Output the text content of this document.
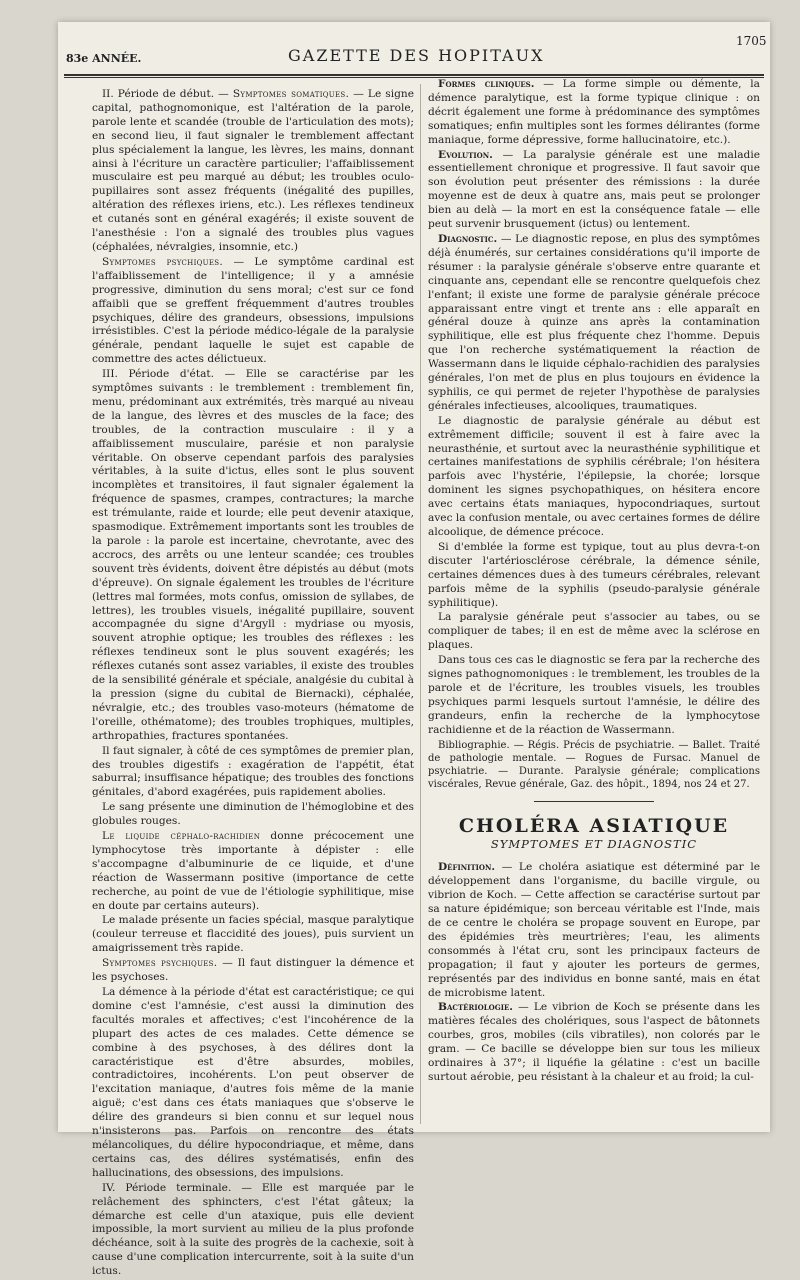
83e ANNÉE.	GAZETTE DES HOPITAUX
1705

II. Période de début. — Symptomes somatiques. — Le signe capital, pathognomonique, est l'altération de la parole, parole lente et scandée (trouble de l'articulation des mots); en second lieu, il faut signaler le tremblement affectant plus spécialement la langue, les lèvres, les mains, donnant ainsi à l'écriture un caractère particulier; l'affaiblissement musculaire est peu marqué au début; les troubles oculo-pupillaires sont assez fréquents (inégalité des pupilles, altération des réflexes iriens, etc.). Les réflexes tendineux et cutanés sont en général exagérés; il existe souvent de l'anesthésie : l'on a signalé des troubles plus vagues (céphalées, névralgies, insomnie, etc.)

Symptomes psychiques. — Le symptôme cardinal est l'affaiblissement de l'intelligence; il y a amnésie progressive, diminution du sens moral; c'est sur ce fond affaibli que se greffent fréquemment d'autres troubles psychiques, délire des grandeurs, obsessions, impulsions irrésistibles. C'est la période médico-légale de la paralysie générale, pendant laquelle le sujet est capable de commettre des actes délictueux.

III. Période d'état. — Elle se caractérise par les symptômes suivants : le tremblement : tremblement fin, menu, prédominant aux extrémités, très marqué au niveau de la langue, des lèvres et des muscles de la face; des troubles, de la contraction musculaire : il y a affaiblissement musculaire, parésie et non paralysie véritable. On observe cependant parfois des paralysies véritables, à la suite d'ictus, elles sont le plus souvent incomplètes et transitoires, il faut signaler également la fréquence de spasmes, crampes, contractures; la marche est trémulante, raide et lourde; elle peut devenir ataxique, spasmodique. Extrêmement importants sont les troubles de la parole : la parole est incertaine, chevrotante, avec des accrocs, des arrêts ou une lenteur scandée; ces troubles souvent très évidents, doivent être dépistés au début (mots d'épreuve). On signale également les troubles de l'écriture (lettres mal formées, mots confus, omission de syllabes, de lettres), les troubles visuels, inégalité pupillaire, souvent accompagnée du signe d'Argyll : mydriase ou myosis, souvent atrophie optique; les troubles des réflexes : les réflexes tendineux sont le plus souvent exagérés; les réflexes cutanés sont assez variables, il existe des troubles de la sensibilité générale et spéciale, analgésie du cubital à la pression (signe du cubital de Biernacki), céphalée, névralgie, etc.; des troubles vaso-moteurs (hématome de l'oreille, othématome); des troubles trophiques, multiples, arthropathies, fractures spontanées.

Il faut signaler, à côté de ces symptômes de premier plan, des troubles digestifs : exagération de l'appétit, état saburral; insuffisance hépatique; des troubles des fonctions génitales, d'abord exagérées, puis rapidement abolies.

Le sang présente une diminution de l'hémoglobine et des globules rouges.

Le liquide céphalo-rachidien donne précocement une lymphocytose très importante à dépister : elle s'accompagne d'albuminurie de ce liquide, et d'une réaction de Wassermann positive (importance de cette recherche, au point de vue de l'étiologie syphilitique, mise en doute par certains auteurs).

Le malade présente un facies spécial, masque paralytique (couleur terreuse et flaccidité des joues), puis survient un amaigrissement très rapide.

Symptomes psychiques. — Il faut distinguer la démence et les psychoses.

La démence à la période d'état est caractéristique; ce qui domine c'est l'amnésie, c'est aussi la diminution des facultés morales et affectives; c'est l'incohérence de la plupart des actes de ces malades. Cette démence se combine à des psychoses, à des délires dont la caractéristique est d'être absurdes, mobiles, contradictoires, incohérents. L'on peut observer de l'excitation maniaque, d'autres fois même de la manie aiguë; c'est dans ces états maniaques que s'observe le délire des grandeurs si bien connu et sur lequel nous n'insisterons pas. Parfois on rencontre des états mélancoliques, du délire hypocondriaque, et même, dans certains cas, des délires systématisés, enfin des hallucinations, des obsessions, des impulsions.

IV. Période terminale. — Elle est marquée par le relâchement des sphincters, c'est l'état gâteux; la démarche est celle d'un ataxique, puis elle devient impossible, la mort survient au milieu de la plus profonde déchéance, soit à la suite des progrès de la cachexie, soit à cause d'une complication intercurrente, soit à la suite d'un ictus.

Formes cliniques. — La forme simple ou démente, la démence paralytique, est la forme typique clinique : on décrit également une forme à prédominance des symptômes somatiques; enfin multiples sont les formes délirantes (forme maniaque, forme dépressive, forme hallucinatoire, etc.).

Evolution. — La paralysie générale est une maladie essentiellement chronique et progressive. Il faut savoir que son évolution peut présenter des rémissions : la durée moyenne est de deux à quatre ans, mais peut se prolonger bien au delà — la mort en est la conséquence fatale — elle peut survenir brusquement (ictus) ou lentement.

Diagnostic. — Le diagnostic repose, en plus des symptômes déjà énumérés, sur certaines considérations qu'il importe de résumer : la paralysie générale s'observe entre quarante et cinquante ans, cependant elle se rencontre quelquefois chez l'enfant; il existe une forme de paralysie générale précoce apparaissant entre vingt et trente ans : elle apparaît en général douze à quinze ans après la contamination syphilitique, elle est plus fréquente chez l'homme. Depuis que l'on recherche systématiquement la réaction de Wassermann dans le liquide céphalo-rachidien des paralysies générales, l'on met de plus en plus toujours en évidence la syphilis, ce qui permet de rejeter l'hypothèse de paralysies générales infectieuses, alcooliques, traumatiques.

Le diagnostic de paralysie générale au début est extrêmement difficile; souvent il est à faire avec la neurasthénie, et surtout avec la neurasthénie syphilitique et certaines manifestations de syphilis cérébrale; l'on hésitera parfois avec l'hystérie, l'épilepsie, la chorée; lorsque dominent les signes psychopathiques, on hésitera encore avec certains états maniaques, hypocondriaques, surtout avec la confusion mentale, ou avec certaines formes de délire alcoolique, de démence précoce.

Si d'emblée la forme est typique, tout au plus devra-t-on discuter l'artériosclérose cérébrale, la démence sénile, certaines démences dues à des tumeurs cérébrales, relevant parfois même de la syphilis (pseudo-paralysie générale syphilitique).

La paralysie générale peut s'associer au tabes, ou se compliquer de tabes; il en est de même avec la sclérose en plaques.

Dans tous ces cas le diagnostic se fera par la recherche des signes pathognomoniques : le tremblement, les troubles de la parole et de l'écriture, les troubles visuels, les troubles psychiques parmi lesquels surtout l'amnésie, le délire des grandeurs, enfin la recherche de la lymphocytose rachidienne et de la réaction de Wassermann.

Bibliographie. — Régis. Précis de psychiatrie. — Ballet. Traité de pathologie mentale. — Rogues de Fursac. Manuel de psychiatrie. — Durante. Paralysie générale; complications viscérales, Revue générale, Gaz. des hôpit., 1894, nos 24 et 27.

CHOLÉRA ASIATIQUE
SYMPTOMES ET DIAGNOSTIC

Définition. — Le choléra asiatique est déterminé par le développement dans l'organisme, du bacille virgule, ou vibrion de Koch. — Cette affection se caractérise surtout par sa nature épidémique; son berceau véritable est l'Inde, mais de ce centre le choléra se propage souvent en Europe, par des épidémies très meurtrières; l'eau, les aliments consommés à l'état cru, sont les principaux facteurs de propagation; il faut y ajouter les porteurs de germes, représentés par des individus en bonne santé, mais en état de microbisme latent.

Bactériologie. — Le vibrion de Koch se présente dans les matières fécales des cholériques, sous l'aspect de bâtonnets courbes, gros, mobiles (cils vibratiles), non colorés par le gram. — Ce bacille se développe bien sur tous les milieux ordinaires à 37°; il liquéfie la gélatine : c'est un bacille surtout aérobie, peu résistant à la chaleur et au froid; la cul-
